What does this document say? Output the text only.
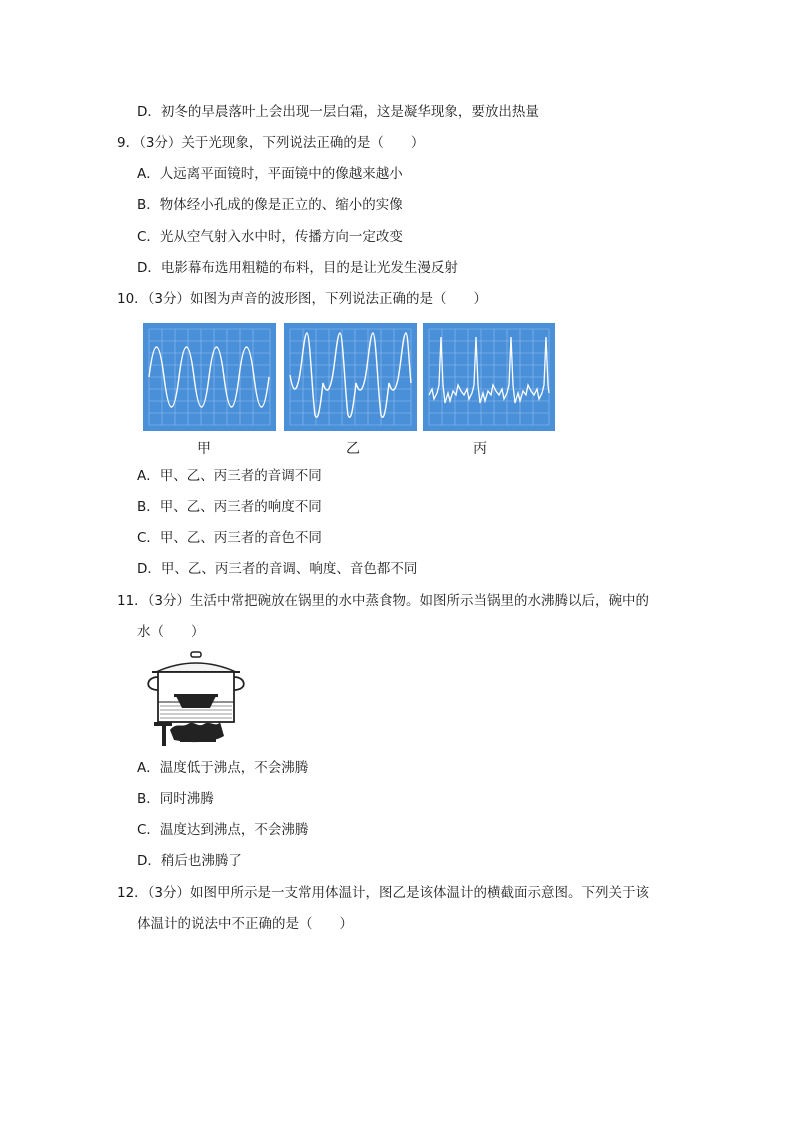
D．初冬的早晨落叶上会出现一层白霜，这是凝华现象，要放出热量
9．（3分）关于光现象，下列说法正确的是（　　）
A．人远离平面镜时，平面镜中的像越来越小
B．物体经小孔成的像是正立的、缩小的实像
C．光从空气射入水中时，传播方向一定改变
D．电影幕布选用粗糙的布料，目的是让光发生漫反射
10．（3分）如图为声音的波形图，下列说法正确的是（　　）
甲	乙	丙
A．甲、乙、丙三者的音调不同
B．甲、乙、丙三者的响度不同
C．甲、乙、丙三者的音色不同
D．甲、乙、丙三者的音调、响度、音色都不同
11．（3分）生活中常把碗放在锅里的水中蒸食物。如图所示当锅里的水沸腾以后，碗中的
水（　　）
A．温度低于沸点，不会沸腾
B．同时沸腾
C．温度达到沸点，不会沸腾
D．稍后也沸腾了
12．（3分）如图甲所示是一支常用体温计，图乙是该体温计的横截面示意图。下列关于该
体温计的说法中不正确的是（　　）
